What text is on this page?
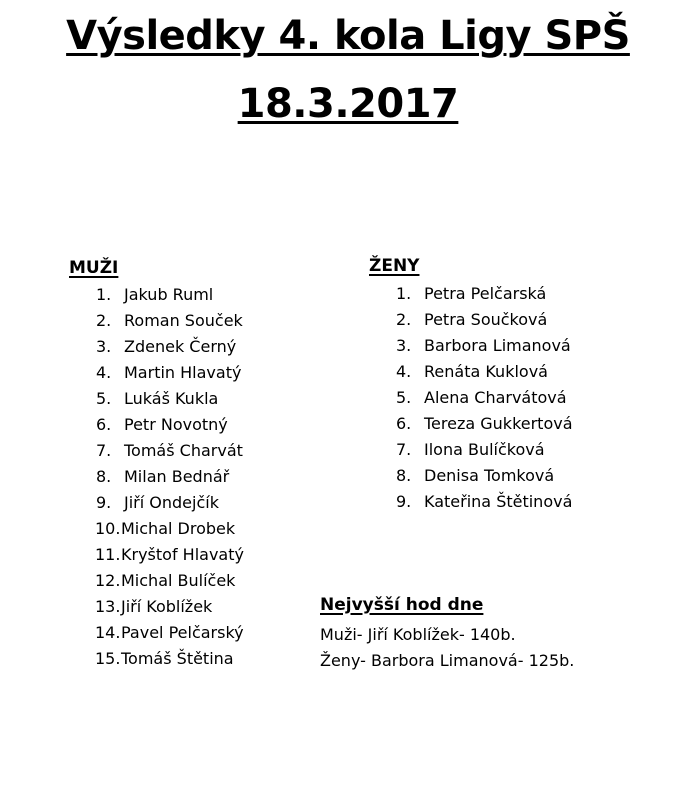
Výsledky 4. kola Ligy SPŠ
18.3.2017
MUŽI
1. Jakub Ruml
2. Roman Souček
3. Zdenek Černý
4. Martin Hlavatý
5. Lukáš Kukla
6. Petr Novotný
7. Tomáš Charvát
8. Milan Bednář
9. Jiří Ondejčík
10.Michal Drobek
11.Kryštof Hlavatý
12.Michal Bulíček
13.Jiří Koblížek
14.Pavel Pelčarský
15.Tomáš Štětina
ŽENY
1. Petra Pelčarská
2. Petra Součková
3. Barbora Limanová
4. Renáta Kuklová
5. Alena Charvátová
6. Tereza Gukkertová
7. Ilona Bulíčková
8. Denisa Tomková
9. Kateřina Štětinová
Nejvyšší hod dne
Muži- Jiří Koblížek- 140b.
Ženy- Barbora Limanová- 125b.
